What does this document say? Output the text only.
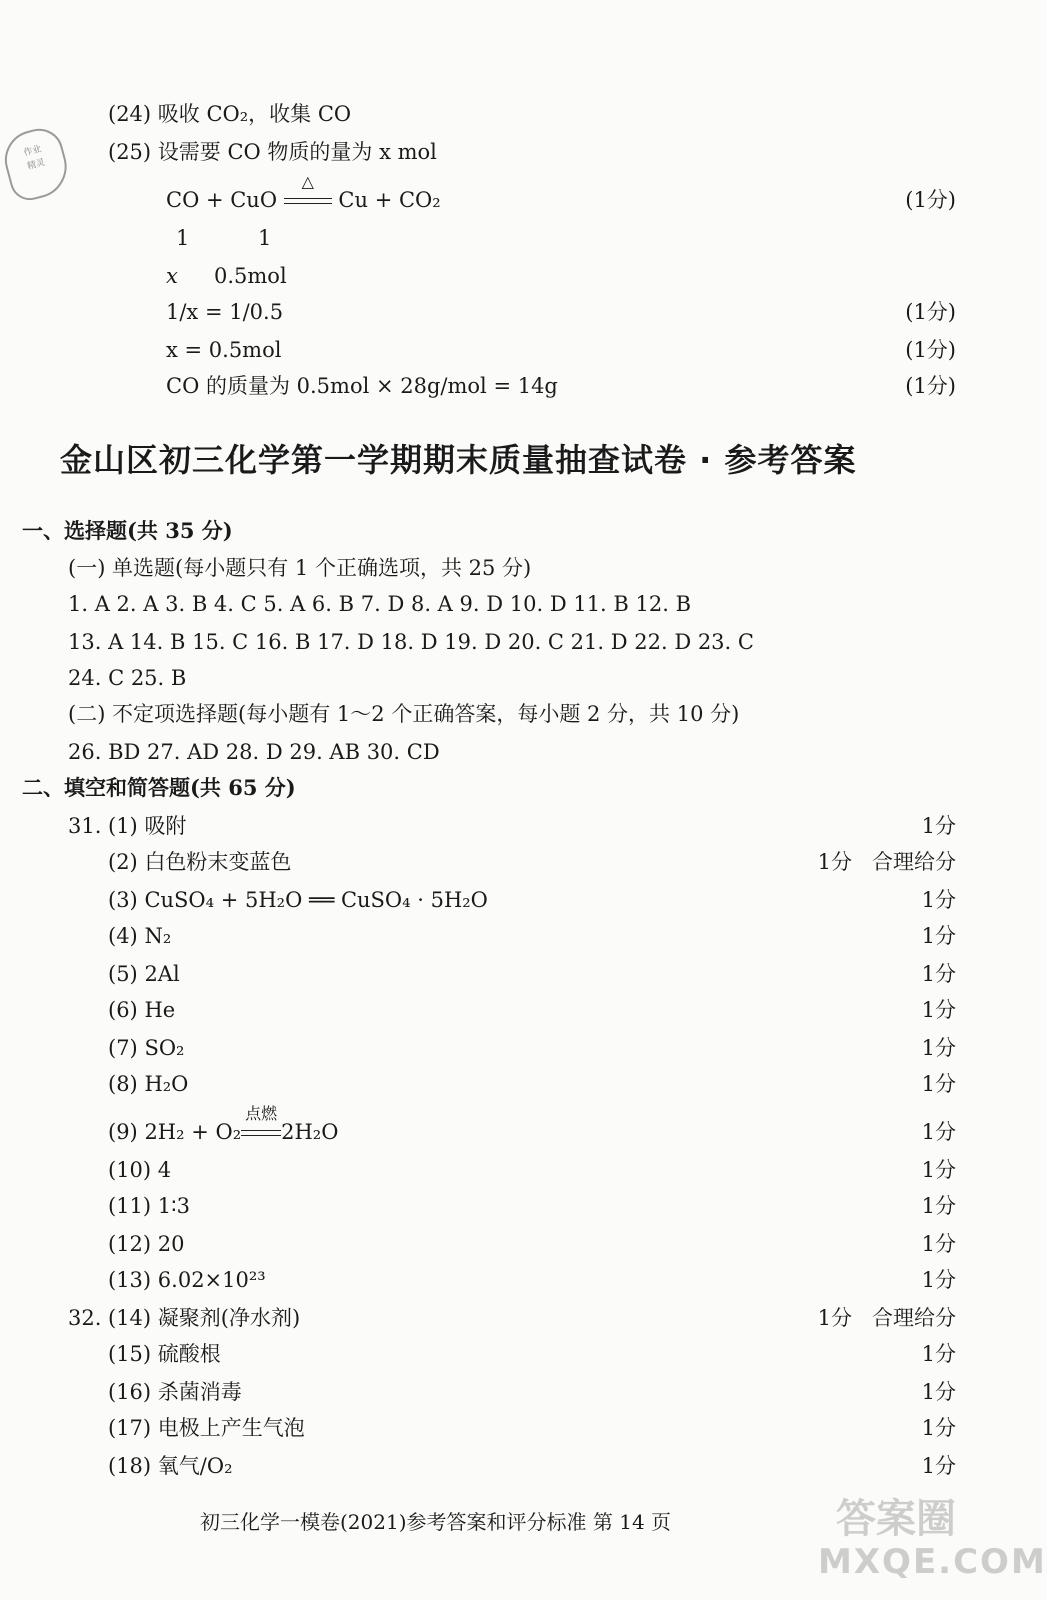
作业
精灵
(24) 吸收 CO₂，收集 CO
(25) 设需要 CO 物质的量为 x mol
CO + CuO
△
Cu + CO₂	(1分)
1	1
x 0.5mol
1/x = 1/0.5	(1分)
x = 0.5mol	(1分)
CO 的质量为 0.5mol × 28g/mol = 14g	(1分)
金山区初三化学第一学期期末质量抽查试卷 · 参考答案
一、选择题(共 35 分)
(一) 单选题(每小题只有 1 个正确选项，共 25 分)
1. A 2. A 3. B 4. C 5. A 6. B 7. D 8. A 9. D 10. D 11. B 12. B
13. A 14. B 15. C 16. B 17. D 18. D 19. D 20. C 21. D 22. D 23. C
24. C 25. B
(二) 不定项选择题(每小题有 1～2 个正确答案，每小题 2 分，共 10 分)
26. BD 27. AD 28. D 29. AB 30. CD
二、填空和简答题(共 65 分)
31.
32.
(1) 吸附	1分
(2) 白色粉末变蓝色	1分   合理给分
(3) CuSO₄ + 5H₂O ══ CuSO₄ · 5H₂O	1分
(4) N₂	1分
(5) 2Al	1分
(6) He	1分
(7) SO₂	1分
(8) H₂O	1分
(9) 2H₂ + O₂
点燃
2H₂O	1分
(10) 4	1分
(11) 1∶3	1分
(12) 20	1分
(13) 6.02×10²³	1分
(14) 凝聚剂(净水剂)	1分   合理给分
(15) 硫酸根	1分
(16) 杀菌消毒	1分
(17) 电极上产生气泡	1分
(18) 氧气/O₂	1分
初三化学一模卷(2021)参考答案和评分标准 第 14 页	答案圈
MXQE.COM
